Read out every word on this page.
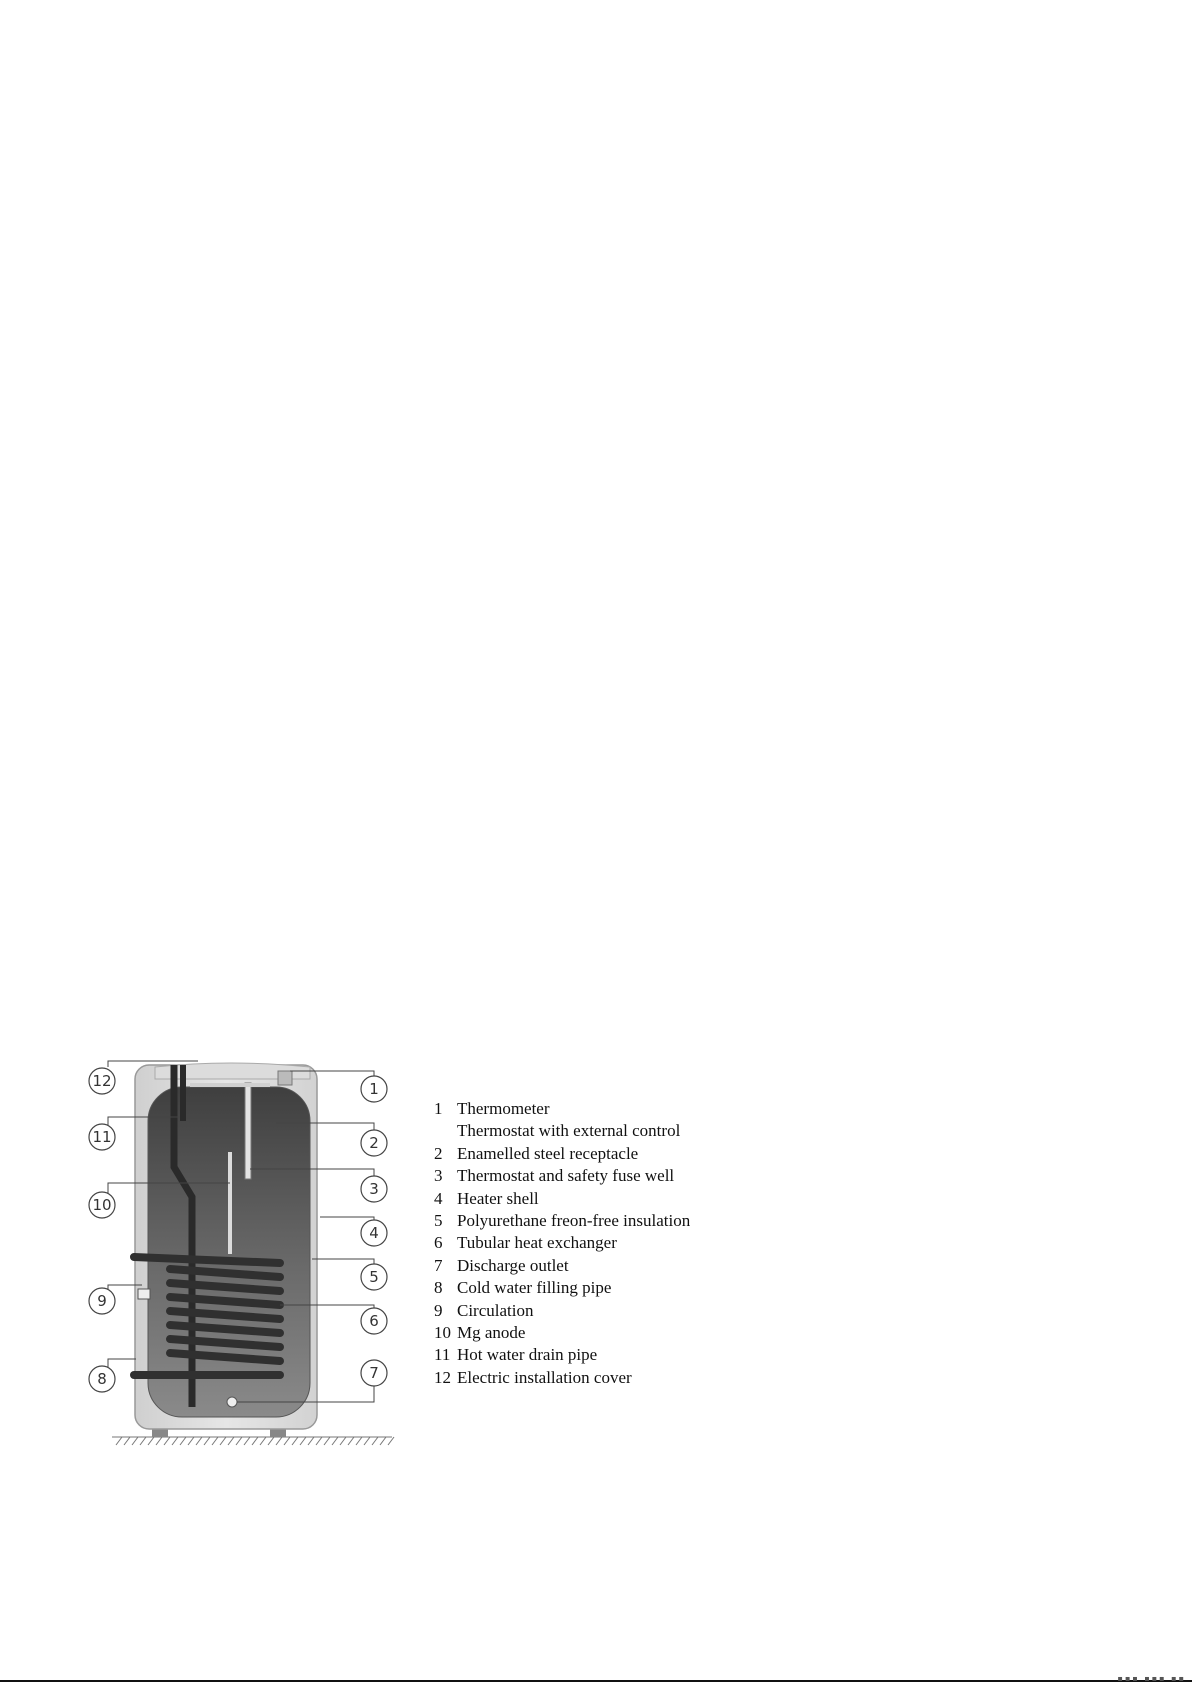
1
2
3
4
5
6
7
8
9
10
11
12
1 Thermometer
Thermostat with external control
2 Enamelled steel receptacle
3 Thermostat and safety fuse well
4 Heater shell
5 Polyurethane freon-free insulation
6 Tubular heat exchanger
7 Discharge outlet
8 Cold water filling pipe
9 Circulation
10 Mg anode
11 Hot water drain pipe
12 Electric installation cover
▪▪▪ ▪▪▪ ▪▪
